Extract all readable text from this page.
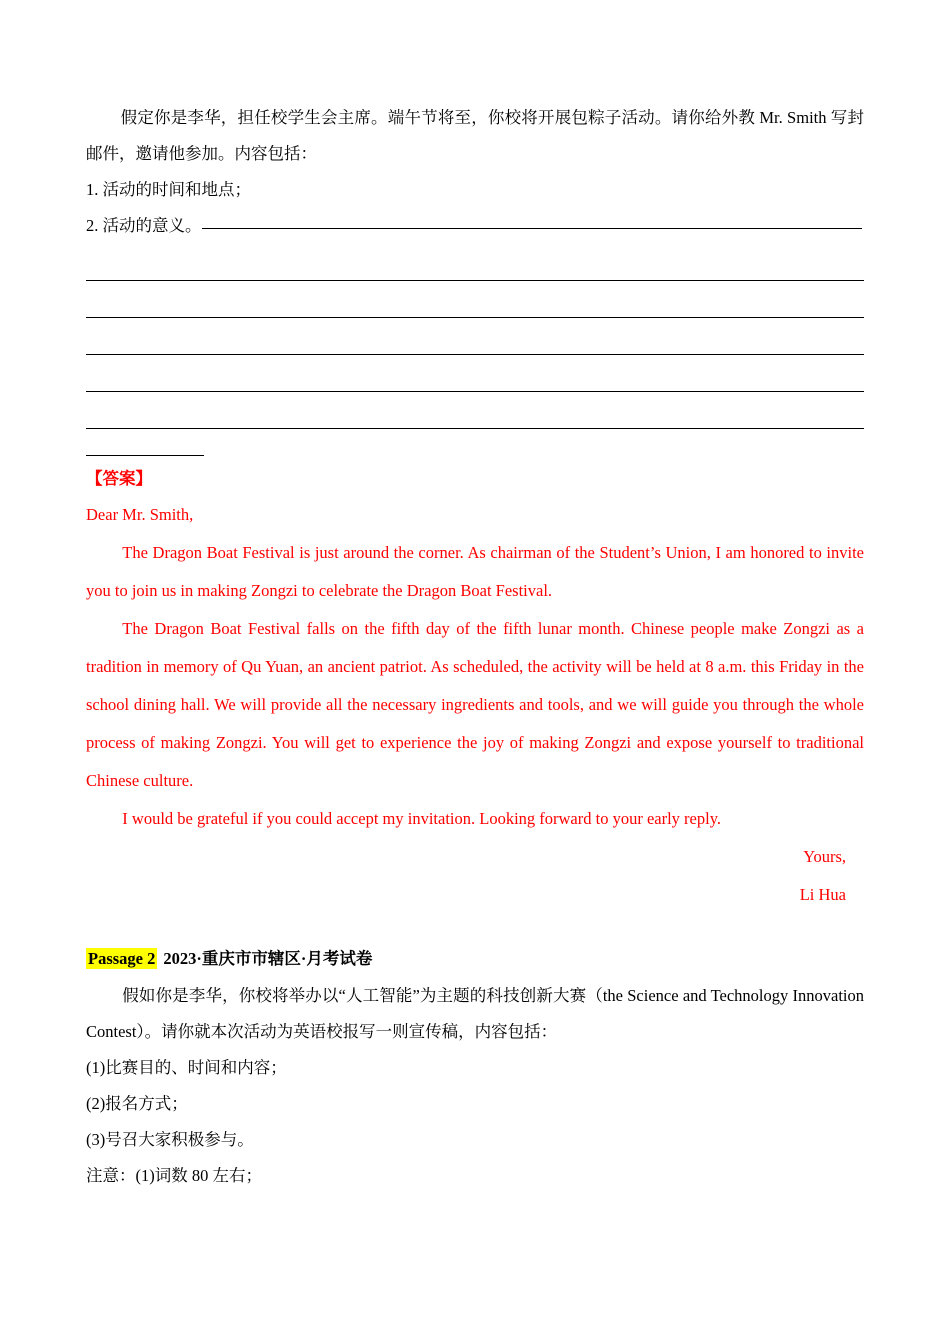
假定你是李华，担任校学生会主席。端午节将至，你校将开展包粽子活动。请你给外教 Mr. Smith 写封邮件，邀请他参加。内容包括：

1. 活动的时间和地点；

2. 活动的意义。

【答案】

Dear Mr. Smith,

The Dragon Boat Festival is just around the corner. As chairman of the Student’s Union, I am honored to invite you to join us in making Zongzi to celebrate the Dragon Boat Festival.

The Dragon Boat Festival falls on the fifth day of the fifth lunar month. Chinese people make Zongzi as a tradition in memory of Qu Yuan, an ancient patriot. As scheduled, the activity will be held at 8 a.m. this Friday in the school dining hall. We will provide all the necessary ingredients and tools, and we will guide you through the whole process of making Zongzi. You will get to experience the joy of making Zongzi and expose yourself to traditional Chinese culture.

I would be grateful if you could accept my invitation. Looking forward to your early reply.

Yours,

Li Hua

Passage 2 2023·重庆市市辖区·月考试卷

假如你是李华，你校将举办以“人工智能”为主题的科技创新大赛（the Science and Technology Innovation Contest）。请你就本次活动为英语校报写一则宣传稿，内容包括：

(1)比赛目的、时间和内容；

(2)报名方式；

(3)号召大家积极参与。

注意：(1)词数 80 左右；
